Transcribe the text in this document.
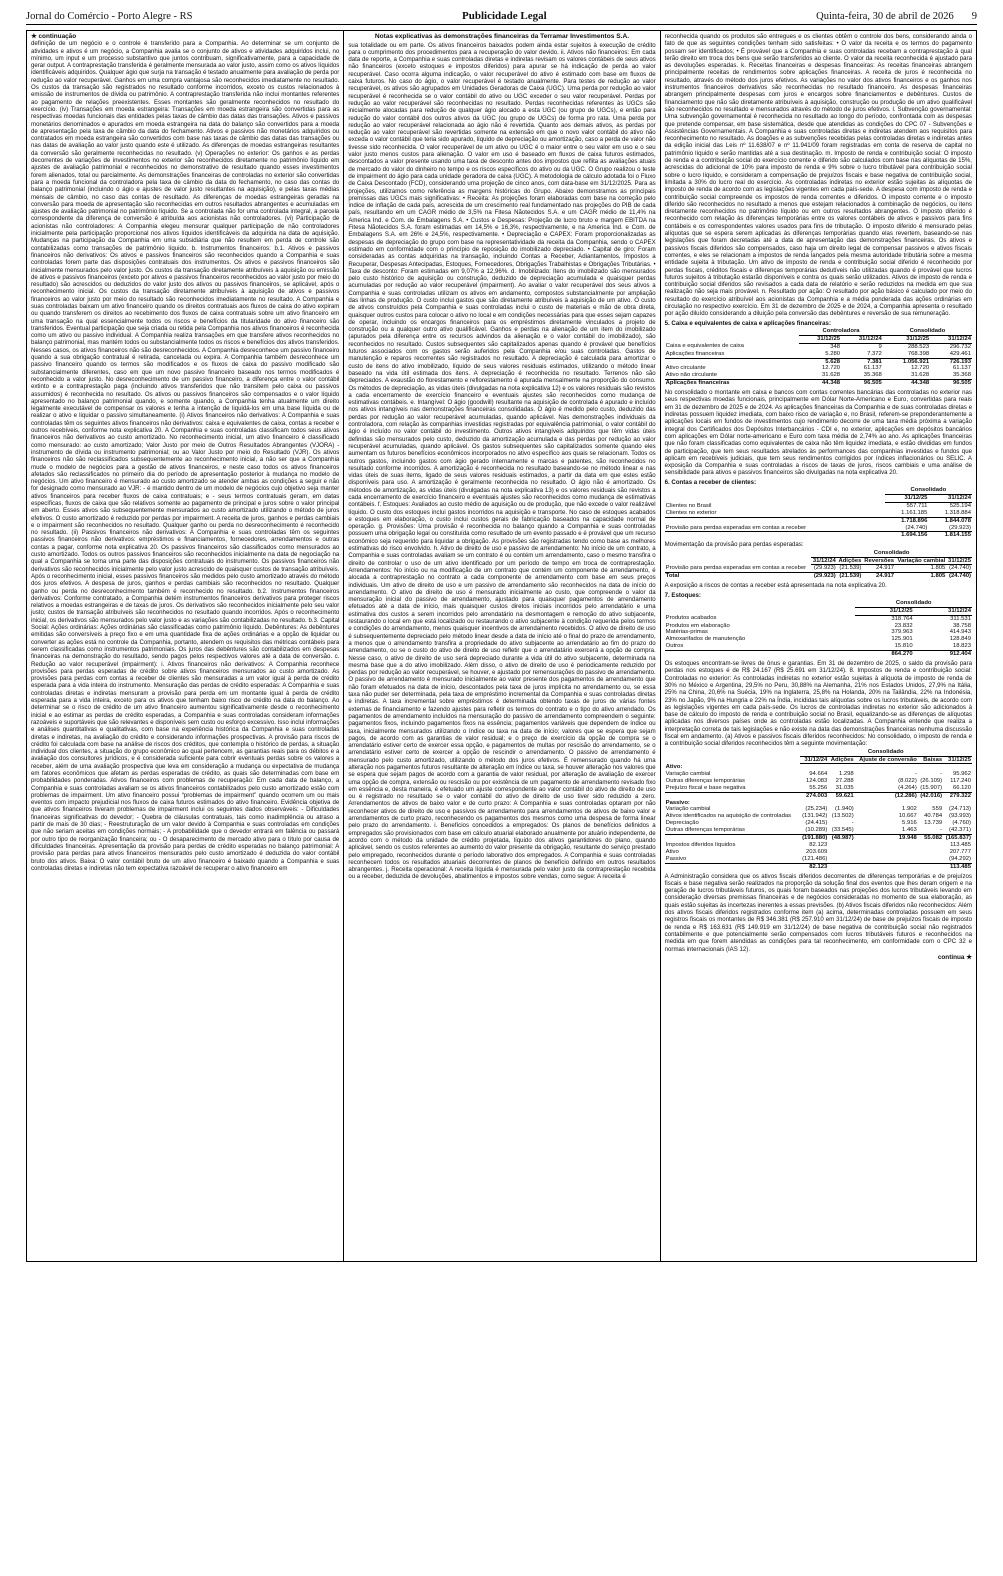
Jornal do Comércio - Porto Alegre - RS	Publicidade Legal	Quinta-feira, 30 de abril de 2026 9

★ continuação

definição de um negócio e o controle é transferido para a Companhia. Ao determinar se um conjunto de atividades e ativos é um negócio, a Companhia avalia se o conjunto de ativos e atividades adquiridos inclui, no mínimo, um input e um processo substantivo que juntos contribuam, significativamente, para a capacidade de gerar output. A contraprestação transferida é geralmente mensurada ao valor justo, assim como os ativos líquidos identificáveis adquiridos. Qualquer ágio que surja na transação é testado anualmente para avaliação de perda por redução ao valor recuperável. Ganhos em uma compra vantajosa são reconhecidos imediatamente no resultado. Os custos da transação são registrados no resultado conforme incorridos, exceto os custos relacionados à emissão de instrumentos de dívida ou patrimônio. A contraprestação transferida não inclui montantes referentes ao pagamento de relações preexistentes. Esses montantes são geralmente reconhecidos no resultado do exercício. (iv) Transações em moeda estrangeira: Transações em moeda estrangeira são convertidas para as respectivas moedas funcionais das entidades pelas taxas de câmbio das datas das transações. Ativos e passivos monetários denominados e apurados em moeda estrangeira na data do balanço são convertidos para a moeda de apresentação pela taxa de câmbio da data do fechamento. Ativos e passivos não monetários adquiridos ou contratados em moeda estrangeira são convertidos com base nas taxas de câmbio das datas das transações ou nas datas de avaliação ao valor justo quando este é utilizado. As diferenças de moedas estrangeiras resultantes da conversão são geralmente reconhecidas no resultado. (v) Operações no exterior: Os ganhos e as perdas decorrentes de variações de investimentos no exterior são reconhecidos diretamente no patrimônio líquido em ajustes de avaliação patrimonial e reconhecidos no demonstrativo de resultado quando esses investimentos forem alienados, total ou parcialmente. As demonstrações financeiras de controladas no exterior são convertidas para a moeda funcional da controladora pela taxa de câmbio da data do fechamento, no caso das contas do balanço patrimonial (incluindo o ágio e ajustes de valor justo resultantes na aquisição), e pelas taxas médias mensais de câmbio, no caso das contas de resultado. As diferenças de moedas estrangeiras geradas na conversão para moeda de apresentação são reconhecidas em outros resultados abrangentes e acumuladas em ajustes de avaliação patrimonial no patrimônio líquido. Se a controlada não for uma controlada integral, a parcela correspondente da diferença de conversão é atribuída aos acionistas não controladores. (vi) Participação de acionistas não controladores: A Companhia elegeu mensurar qualquer participação de não controladores inicialmente pela participação proporcional nos ativos líquidos identificáveis da adquirida na data de aquisição. Mudanças na participação da Companhia em uma subsidiária que não resultem em perda de controle são contabilizadas como transações de patrimônio líquido. b. Instrumentos financeiros: b.1. Ativos e passivos financeiros não derivativos: Os ativos e passivos financeiros são reconhecidos quando a Companhia e suas controladas forem parte das disposições contratuais dos instrumentos. Os ativos e passivos financeiros são inicialmente mensurados pelo valor justo. Os custos da transação diretamente atribuíveis à aquisição ou emissão de ativos e passivos financeiros (exceto por ativos e passivos financeiros reconhecidos ao valor justo por meio do resultado) são acrescidos ou deduzidos do valor justo dos ativos ou passivos financeiros, se aplicável, após o reconhecimento inicial. Os custos da transação diretamente atribuíveis à aquisição de ativos e passivos financeiros ao valor justo por meio do resultado são reconhecidos imediatamente no resultado. A Companhia e suas controladas baixam um ativo financeiro quando os direitos contratuais aos fluxos de caixa do ativo expiram ou quando transferem os direitos ao recebimento dos fluxos de caixa contratuais sobre um ativo financeiro em uma transação na qual essencialmente todos os riscos e benefícios da titularidade do ativo financeiro são transferidos. Eventual participação que seja criada ou retida pela Companhia nos ativos financeiros é reconhecida como um ativo ou passivo individual. A Companhia realiza transações em que transfere ativos reconhecidos no balanço patrimonial, mas mantém todos ou substancialmente todos os riscos e benefícios dos ativos transferidos. Nesses casos, os ativos financeiros não são desreconhecidos. A Companhia desreconhece um passivo financeiro quando a sua obrigação contratual é retirada, cancelada ou expira. A Companhia também desreconhece um passivo financeiro quando os termos são modificados e os fluxos de caixa do passivo modificado são substancialmente diferentes, caso em que um novo passivo financeiro baseado nos termos modificados é reconhecido a valor justo. No desreconhecimento de um passivo financeiro, a diferença entre o valor contábil extinto e a contraprestação paga (incluindo ativos transferidos que não transitem pelo caixa ou passivos assumidos) é reconhecida no resultado. Os ativos ou passivos financeiros são compensados e o valor líquido apresentado no balanço patrimonial quando, e somente quando, a Companhia tenha atualmente um direito legalmente executável de compensar os valores e tenha a intenção de liquidá-los em uma base líquida ou de realizar o ativo e liquidar o passivo simultaneamente. (i) Ativos financeiros não derivativos: A Companhia e suas controladas têm os seguintes ativos financeiros não derivativos: caixa e equivalentes de caixa, contas a receber e outros recebíveis, conforme nota explicativa 20. A Companhia e suas controladas classificam todos seus ativos financeiros não derivativos ao custo amortizado. No reconhecimento inicial, um ativo financeiro é classificado como mensurado: ao custo amortizado; Valor Justo por meio de Outros Resultados Abrangentes (VJORA) - instrumento de dívida ou instrumento patrimonial; ou ao Valor Justo por meio do Resultado (VJR). Os ativos financeiros não são reclassificados subsequentemente ao reconhecimento inicial, a não ser que a Companhia mude o modelo de negócios para a gestão de ativos financeiros, e neste caso todos os ativos financeiros afetados são reclassificados no primeiro dia do período de apresentação posterior à mudança no modelo de negócios. Um ativo financeiro é mensurado ao custo amortizado se atender ambas as condições a seguir e não for designado como mensurado ao VJR: - é mantido dentro de um modelo de negócios cujo objetivo seja manter ativos financeiros para receber fluxos de caixa contratuais; e - seus termos contratuais geram, em datas específicas, fluxos de caixa que são relativos somente ao pagamento de principal e juros sobre o valor principal em aberto. Esses ativos são subsequentemente mensurados ao custo amortizado utilizando o método de juros efetivos. O custo amortizado é reduzido por perdas por impairment. A receita de juros, ganhos e perdas cambiais e o impairment são reconhecidos no resultado. Qualquer ganho ou perda no desreconhecimento é reconhecido no resultado. (ii) Passivos financeiros não derivativos: A Companhia e suas controladas têm os seguintes passivos financeiros não derivativos: empréstimos e financiamentos, fornecedores, arrendamentos e outras contas a pagar, conforme nota explicativa 20. Os passivos financeiros são classificados como mensurados ao custo amortizado. Todos os outros passivos financeiros são reconhecidos inicialmente na data de negociação na qual a Companhia se torna uma parte das disposições contratuais do instrumento. Os passivos financeiros não derivativos são reconhecidos inicialmente pelo valor justo acrescido de quaisquer custos de transação atribuíveis. Após o reconhecimento inicial, esses passivos financeiros são medidos pelo custo amortizado através do método dos juros efetivos. A despesa de juros, ganhos e perdas cambiais são reconhecidos no resultado. Qualquer ganho ou perda no desreconhecimento também é reconhecido no resultado. b.2. Instrumentos financeiros derivativos: Conforme contratado, a Companhia detém instrumentos financeiros derivativos para proteger riscos relativos a moedas estrangeiras e de taxas de juros. Os derivativos são reconhecidos inicialmente pelo seu valor justo; custos de transação atribuíveis são reconhecidos no resultado quando incorridos. Após o reconhecimento inicial, os derivativos são mensurados pelo valor justo e as variações são contabilizadas no resultado. b.3. Capital Social: Ações ordinárias: Ações ordinárias são classificadas como patrimônio líquido. Debêntures: As debêntures emitidas são conversíveis a preço fixo e em uma quantidade fixa de ações ordinárias e a opção de liquidar ou converter as ações está no controle da Companhia, portanto, atendem os requisitos das métricas contábeis para serem classificadas como instrumentos patrimoniais. Os juros das debêntures são contabilizados em despesas financeiras na demonstração do resultado, sendo pagos pelos respectivos valores até a data de conversão. c. Redução ao valor recuperável (impairment): i. Ativos financeiros não derivativos: A Companhia reconhece provisões para perdas esperadas de crédito sobre ativos financeiros mensurados ao custo amortizado. As provisões para perdas com contas a receber de clientes são mensuradas a um valor igual à perda de crédito esperada para a vida inteira do instrumento. Mensuração das perdas de crédito esperadas: A Companhia e suas controladas diretas e indiretas mensuram a provisão para perda em um montante igual à perda de crédito esperada para a vida inteira, exceto para os ativos que tenham baixo risco de crédito na data do balanço. Ao determinar se o risco de crédito de um ativo financeiro aumentou significativamente desde o reconhecimento inicial e ao estimar as perdas de crédito esperadas, a Companhia e suas controladas consideram informações razoáveis e suportáveis que são relevantes e disponíveis sem custo ou esforço excessivo. Isso inclui informações e análises quantitativas e qualitativas, com base na experiência histórica da Companhia e suas controladas diretas e indiretas, na avaliação do crédito e considerando informações prospectivas. A provisão para riscos de crédito foi calculada com base na análise de riscos dos créditos, que contempla o histórico de perdas, a situação individual dos clientes, a situação do grupo econômico ao qual pertencem, as garantias reais para os débitos e a avaliação dos consultores jurídicos, e é considerada suficiente para cobrir eventuais perdas sobre os valores a receber, além de uma avaliação prospectiva que leva em consideração a mudança ou expectativa de mudança em fatores econômicos que afetam as perdas esperadas de crédito, as quais são determinadas com base em probabilidades ponderadas. Ativos financeiros com problemas de recuperação: Em cada data de balanço, a Companhia e suas controladas avaliam se os ativos financeiros contabilizados pelo custo amortizado estão com problemas de impairment. Um ativo financeiro possui “problemas de impairment” quando ocorrem um ou mais eventos com impacto prejudicial nos fluxos de caixa futuros estimados do ativo financeiro. Evidência objetiva de que ativos financeiros tiveram problemas de impairment inclui os seguintes dados observáveis: - Dificuldades financeiras significativas do devedor; - Quebra de cláusulas contratuais, tais como inadimplência ou atraso a partir de mais de 30 dias; - Reestruturação de um valor devido à Companhia e suas controladas em condições que não seriam aceitas em condições normais; - A probabilidade que o devedor entrará em falência ou passará por outro tipo de reorganização financeira; ou - O desaparecimento de mercado ativo para o título por causa de dificuldades financeiras. Apresentação da provisão para perdas de crédito esperadas no balanço patrimonial: A provisão para perdas para ativos financeiros mensurados pelo custo amortizado é deduzida do valor contábil bruto dos ativos. Baixa: O valor contábil bruto de um ativo financeiro é baixado quando a Companhia e suas controladas diretas e indiretas não tem expectativa razoável de recuperar o ativo financeiro em

Notas explicativas às demonstrações financeiras da Terramar Investimentos S.A.

sua totalidade ou em parte. Os ativos financeiros baixados podem ainda estar sujeitos à execução de crédito para o cumprimento dos procedimentos para a recuperação do valor devido. ii. Ativos não financeiros: Em cada data de reporte, a Companhia e suas controladas diretas e indiretas revisam os valores contábeis de seus ativos não financeiros (exceto estoques e impostos diferidos) para apurar se há indicação de perda ao valor recuperável. Caso ocorra alguma indicação, o valor recuperável do ativo é estimado com base em fluxos de caixa futuros. No caso do ágio, o valor recuperável é testado anualmente. Para testes de redução ao valor recuperável, os ativos são agrupados em Unidades Geradoras de Caixa (UGC). Uma perda por redução ao valor recuperável é reconhecida se o valor contábil do ativo ou UGC exceder o seu valor recuperável. Perdas por redução ao valor recuperável são reconhecidas no resultado. Perdas reconhecidas referentes às UGCs são inicialmente alocadas para redução de qualquer ágio alocado a esta UGC (ou grupo de UGCs), e então para redução do valor contábil dos outros ativos da UGC (ou grupo de UGCs) de forma pro rata. Uma perda por redução ao valor recuperável relacionada ao ágio não é revertida. Quanto aos demais ativos, as perdas por redução ao valor recuperável são revertidas somente na extensão em que o novo valor contábil do ativo não exceda o valor contábil que teria sido apurado, líquido de depreciação ou amortização, caso a perda de valor não tivesse sido reconhecida. O valor recuperável de um ativo ou UGC é o maior entre o seu valor em uso e o seu valor justo menos custos para alienação. O valor em uso é baseado em fluxos de caixa futuros estimados, descontados a valor presente usando uma taxa de desconto antes dos impostos que reflita as avaliações atuais de mercado do valor do dinheiro no tempo e os riscos específicos do ativo ou da UGC. O Grupo realizou o teste de impairment do ágio para cada unidade geradora de caixa (UGC). A metodologia de cálculo adotada foi o Fluxo de Caixa Descontado (FCD), considerando uma projeção de cinco anos, com data-base em 31/12/2025. Para as projeções, utilizamos como referência as margens históricas do Grupo. Abaixo demonstramos as principais premissas das UGCs mais significativas: • Receita: As projeções foram elaboradas com base na correção pelo índice de inflação de cada país, acrescida de um crescimento real fundamentado nas projeções do PIB de cada país, resultando em um CAGR médio de 3,5% na Fitesa Nãotecidos S.A. e um CAGR médio de 11,4% na America Ind. e Com. de Embalagens S.A. • Custos e Despesas: Projeção de lucro bruto e margem EBITDA na Fitesa Nãotecidos S.A. foram estimadas em 14,5% e 16,3%, respectivamente, e na America Ind. e Com. de Embalagens S.A. em 26% e 24,5%, respectivamente. • Depreciação e CAPEX: Foram proporcionalizadas as despesas de depreciação do grupo com base na representatividade da receita da Companhia, sendo o CAPEX estimado em conformidade com o princípio de reposição do imobilizado depreciado. • Capital de giro: Foram consideradas as contas adquiridas na transação, incluindo Contas a Receber, Adiantamentos, Impostos a Recuperar, Despesas Antecipadas, Estoques, Fornecedores, Obrigações Trabalhistas e Obrigações Tributárias. • Taxa de desconto: Foram estimadas em 9,07% a 12,96%. d. Imobilizado: Itens do imobilizado são mensurados pelo custo histórico de aquisição ou construção, deduzido de depreciação acumulada e quaisquer perdas acumuladas por redução ao valor recuperável (impairment). Ao avaliar o valor recuperável dos seus ativos a Companhia e suas controladas utilizam os ativos em andamento, compostos substancialmente por ampliação das linhas de produção. O custo inclui gastos que são diretamente atribuíveis à aquisição de um ativo. O custo de ativos construídos pela Companhia e suas controladas inclui o custo de materiais e mão de obra direta, quaisquer outros custos para colocar o ativo no local e em condições necessárias para que esses sejam capazes de operar, incluindo os encargos financeiros para os empréstimos diretamente vinculados a projeto de construção ou a qualquer outro ativo qualificável. Ganhos e perdas na alienação de um item do imobilizado (apurados pela diferença entre os recursos advindos da alienação e o valor contábil do imobilizado), são reconhecidos no resultado. Custos subsequentes são capitalizados apenas quando é provável que benefícios futuros associados com os gastos serão auferidos pela Companhia e/ou suas controladas. Gastos de manutenção e reparos recorrentes são registrados no resultado. A depreciação é calculada para amortizar o custo de itens do ativo imobilizado, líquido de seus valores residuais estimados, utilizando o método linear baseado na vida útil estimada dos itens. A depreciação é reconhecida no resultado. Terrenos não são depreciados. A exaustão do florestamento e reflorestamento é apurada mensalmente na proporção do consumo. Os métodos de depreciação, as vidas úteis (divulgadas na nota explicativa 12) e os valores residuais são revistos a cada encerramento de exercício financeiro e eventuais ajustes são reconhecidos como mudança de estimativas contábeis. e. Intangível: O ágio (goodwill) resultante na aquisição de controlada é apurado e incluído nos ativos intangíveis nas demonstrações financeiras consolidadas. O ágio é medido pelo custo, deduzido das perdas por redução ao valor recuperável acumuladas, quando aplicável. Nas demonstrações individuais da controladora, com relação às companhias investidas registradas por equivalência patrimonial, o valor contábil do ágio é incluído no valor contábil do investimento. Outros ativos intangíveis adquiridos que têm vidas úteis definidas são mensurados pelo custo, deduzido da amortização acumulada e das perdas por redução ao valor recuperável acumuladas, quando aplicável. Os gastos subsequentes são capitalizados somente quando eles aumentam os futuros benefícios econômicos incorporados no ativo específico aos quais se relacionam. Todos os outros gastos, incluindo gastos com ágio gerado internamente e marcas e patentes, são reconhecidos no resultado conforme incorridos. A amortização é reconhecida no resultado baseando-se no método linear e nas vidas úteis de suas items, ligado de seus valores residuais estimados, a partir da data em que estes estão disponíveis para uso. A amortização é geralmente reconhecida no resultado. O ágio não é amortizado. Os métodos de amortização, as vidas úteis (divulgadas na nota explicativa 13) e os valores residuais são revistos a cada encerramento de exercício financeiro e eventuais ajustes são reconhecidos como mudança de estimativas contábeis. f. Estoques: Avaliados ao custo médio de aquisição ou de produção, que não excede o valor realizável líquido. O custo dos estoques inclui gastos incorridos na aquisição e transporte. No caso de estoques acabados e estoques em elaboração, o custo inclui custos gerais de fabricação baseados na capacidade normal de operação. g. Provisões: Uma provisão é reconhecida no balanço quando a Companhia e suas controladas possuem uma obrigação legal ou constituída como resultado de um evento passado e é provável que um recurso econômico seja requerido para liquidar a obrigação. As provisões são registradas tendo como base as melhores estimativas do risco envolvido. h. Ativo de direito de uso e passivo de arrendamento: No início de um contrato, a Companhia e suas controladas avaliam se um contrato é ou contém um arrendamento, caso o mesmo transfira o direito de controlar o uso de um ativo identificado por um período de tempo em troca de contraprestação. Arrendamentos: No início ou na modificação de um contrato que contém um componente de arrendamento, é alocada a contraprestação no contrato a cada componente de arrendamento com base em seus preços individuais. Um ativo de direito de uso e um passivo de arrendamento são reconhecidos na data de início do arrendamento. O ativo de direito de uso é mensurado inicialmente ao custo, que compreende o valor da mensuração inicial do passivo de arrendamento, ajustado para quaisquer pagamentos de arrendamento efetuados até a data de início, mais quaisquer custos diretos iniciais incorridos pelo arrendatário e uma estimativa dos custos a serem incorridos pelo arrendatário na desmontagem e remoção do ativo subjacente, restaurando o local em que está localizado ou restaurando o ativo subjacente à condição requerida pelos termos e condições do arrendamento, menos quaisquer incentivos de arrendamento recebidos. O ativo de direito de uso é subsequentemente depreciado pelo método linear desde a data de início até o final do prazo de arrendamento, a menos que o arrendamento transfira a propriedade do ativo subjacente ao arrendatário ao fim do prazo do arrendamento, ou se o custo do ativo de direito de uso refletir que o arrendatário exercerá a opção de compra. Nesse caso, o ativo de direito de uso será depreciado durante a vida útil do ativo subjacente, determinada na mesma base que a do ativo imobilizado. Além disso, o ativo de direito de uso é periodicamente reduzido por perdas por redução ao valor recuperável, se houver, e ajustado por remensurações do passivo de arrendamento. O passivo de arrendamento é mensurado inicialmente ao valor presente dos pagamentos de arrendamento que não foram efetuados na data de início, descontados pela taxa de juros implícita no arrendamento ou, se essa taxa não puder ser determinada, pela taxa de empréstimo incremental da Companhia e suas controladas diretas e indiretas. A taxa incremental sobre empréstimos é determinada obtendo taxas de juros de várias fontes externas de financiamento e fazendo ajustes para refletir os termos do contrato e o tipo do ativo arrendado. Os pagamentos de arrendamento incluídos na mensuração do passivo de arrendamento compreendem o seguinte: pagamentos fixos, incluindo pagamentos fixos na essência; pagamentos variáveis que dependem de índice ou taxa, inicialmente mensurados utilizando o índice ou taxa na data de início; valores que se espera que sejam pagos, de acordo com as garantias de valor residual; e o preço de exercício da opção de compra se o arrendatário estiver certo de exercer essa opção, e pagamentos de multas por rescisão do arrendamento, se o arrendatário estiver certo de exercer a opção de rescindir o arrendamento. O passivo de arrendamento é mensurado pelo custo amortizado, utilizando o método dos juros efetivos. É remensurado quando há uma alteração nos pagamentos futuros resultante de alteração em índice ou taxa, se houver alteração nos valores que se espera que sejam pagos de acordo com a garantia de valor residual, por alteração de avaliação de exercer uma opção de compra, extensão ou rescisão ou por existência de um pagamento de arrendamento revisado fixo em essência e, desta maneira, é efetuado um ajuste correspondente ao valor contábil do ativo de direito de uso ou é registrado no resultado se o valor contábil do ativo de direito de uso tiver sido reduzido a zero. Arrendamentos de ativos de baixo valor e de curto prazo: A Companhia e suas controladas optaram por não reconhecer ativos de direito de uso e passivos de arrendamento para arrendamentos de ativos de baixo valor e arrendamentos de curto prazo, reconhecendo os pagamentos dos mesmos como uma despesa de forma linear pelo prazo do arrendamento. i. Benefícios concedidos a empregados: Os planos de benefícios definidos a empregados são provisionados com base em cálculo atuarial elaborado anualmente por atuário independente, de acordo com o método da unidade de crédito projetada, líquido dos ativos garantidores do plano, quando aplicável, sendo os custos referentes ao aumento do valor presente da obrigação, resultante do serviço prestado pelo empregado, reconhecidos durante o período laborativo dos empregados. A Companhia e suas controladas reconhecem todos os resultados atuariais decorrentes de planos de benefício definido em outros resultados abrangentes. j. Receita operacional: A receita líquida é mensurada pelo valor justo da contraprestação recebida ou a receber, deduzida de devoluções, abatimentos e impostos sobre vendas, como segue: A receita é

reconhecida quando os produtos são entregues e os clientes obtêm o controle dos bens, considerando ainda o fato de que as seguintes condições tenham sido satisfeitas: • O valor da receita e os termos do pagamento possam ser identificados; • É provável que a Companhia e suas controladas recebam a contraprestação à qual terão direito em troca dos bens que serão transferidos ao cliente. O valor da receita reconhecida é ajustado para as devoluções esperadas. k. Receitas financeiras e despesas financeiras: As receitas financeiras abrangem principalmente receitas de rendimentos sobre aplicações financeiras. A receita de juros é reconhecida no resultado, através do método dos juros efetivos. As variações no valor dos ativos financeiros e os ganhos nos instrumentos financeiros derivativos são reconhecidas no resultado financeiro. As despesas financeiras abrangem principalmente despesas com juros e encargos sobre financiamentos e debêntures. Custos de financiamento que não são diretamente atribuíveis à aquisição, construção ou produção de um ativo qualificável são reconhecidos no resultado e mensurados através do método de juros efetivos. l. Subvenção governamental: Uma subvenção governamental é reconhecida no resultado ao longo do período, confrontada com as despesas que pretende compensar, em base sistemática, desde que atendidas as condições do CPC 07 - Subvenções e Assistências Governamentais. A Companhia e suas controladas diretas e indiretas atendem aos requisitos para reconhecimento no resultado. As doações e as subvenções recebidas pelas controladas diretas e indiretas antes da edição inicial das Leis nº 11.638/07 e nº 11.941/09 foram registradas em conta de reserva de capital no patrimônio líquido e serão mantidas até a sua destinação. m. Imposto de renda e contribuição social: O imposto de renda e a contribuição social do exercício corrente e diferido são calculados com base nas alíquotas de 15%, acrescidas do adicional de 10% para imposto de renda e 9% sobre o lucro tributável para contribuição social sobre o lucro líquido, e consideram a compensação de prejuízos fiscais e base negativa de contribuição social, limitada a 30% do lucro real do exercício. As controladas indiretas no exterior estão sujeitas às alíquotas de imposto de renda de acordo com as legislações vigentes em cada país-sede. A despesa com imposto de renda e contribuição social compreende os impostos de renda correntes e diferidos. O imposto corrente e o imposto diferido são reconhecidos no resultado a menos que estejam relacionados à combinação de negócios, ou itens diretamente reconhecidos no patrimônio líquido ou em outros resultados abrangentes. O imposto diferido é reconhecido com relação às diferenças temporárias entre os valores contábeis de ativos e passivos para fins contábeis e os correspondentes valores usados para fins de tributação. O imposto diferido é mensurado pelas alíquotas que se espera serem aplicadas às diferenças temporárias quando elas revertem, baseando-se nas legislações que foram decretadas até a data de apresentação das demonstrações financeiras. Os ativos e passivos fiscais diferidos são compensados, caso haja um direito legal de compensar passivos e ativos fiscais correntes, e eles se relacionam a impostos de renda lançados pela mesma autoridade tributária sobre a mesma entidade sujeita à tributação. Um ativo de imposto de renda e contribuição social diferido é reconhecido por perdas fiscais, créditos fiscais e diferenças temporárias dedutíveis não utilizadas quando é provável que lucros futuros sujeitos à tributação estarão disponíveis e contra os quais serão utilizados. Ativos de imposto de renda e contribuição social diferidos são revisados a cada data de relatório e serão reduzidos na medida em que sua realização não seja mais provável. n. Resultado por ação: O resultado por ação básico é calculado por meio do resultado do exercício atribuível aos acionistas da Companhia e a média ponderada das ações ordinárias em circulação no respectivo exercício. Em 31 de dezembro de 2025 e de 2024, a Companhia apresenta o resultado por ação diluído considerando a diluição pela conversão das debêntures e reversão de sua remuneração.

5. Caixa e equivalentes de caixa e aplicações financeiras:
	Controladora		Consolidado	
	31/12/25	31/12/24	31/12/25	31/12/24
Caixa e equivalentes de caixa	348	9	288.523	296.732
Aplicações financeiras	5.280	7.372	768.398	429.461
	5.628	7.381	1.056.921	726.193
Ativo circulante	12.720	61.137	12.720	61.137
Ativo não circulante	31.628	35.368	31.628	35.368
Aplicações financeiras	44.348	96.505	44.348	96.505

No consolidado o montante em caixa e bancos com contas correntes bancárias das controladas no exterior nas seus respectivas moedas funcionais, principalmente em Dólar Norte-Americano e Euro, convertidas para reais em 31 de dezembro de 2025 e de 2024. As aplicações financeiras da Companhia e de suas controladas diretas e indiretas possuem liquidez imediata, com baixo risco de variação e, no Brasil, referem-se preponderantemente a aplicações locais em fundos de investimentos cujo rendimento decorre de uma taxa média próxima a variação integral dos Certificados dos Depósitos Interbancários - CDI e, no exterior, aplicações em depósitos bancários com aplicações em Dólar norte-americano e Euro com taxa média de 2,74% ao ano. As aplicações financeiras que não foram classificadas como equivalentes de caixa não têm liquidez imediata, e estão divididas em fundos de participação, que tem seus resultados atrelados às performances das companhias investidas e fundos que aplicam em recebíveis judiciais, que tem seus rendimentos corrigidos por índices inflacionários ou SELIC. A exposição da Companhia e suas controladas a riscos de taxas de juros, riscos cambiais e uma análise de sensibilidade para ativos e passivos financeiros são divulgadas na nota explicativa 20.

6. Contas a receber de clientes:
	Consolidado	
	31/12/25	31/12/24
Clientes no Brasil	557.711	525.194
Clientes no exterior	1.161.185	1.318.884
	1.718.896	1.844.078
Provisão para perdas esperadas em contas a receber	(24.740)	(29.923)
	1.694.156	1.814.155
Movimentação da provisão para perdas esperadas:
	Consolidado				
	31/12/24	Adições	Reversões	Variação cambial	31/12/25
Provisão para perdas esperadas em contas a receber	(29.923)	(21.539)	24.917	1.805	(24.740)
Total	(29.923)	(21.539)	24.917	1.805	(24.740)

A exposição a riscos de contas a receber está apresentada na nota explicativa 20.

7. Estoques:
	Consolidado	
	31/12/25	31/12/24
Produtos acabados	318.764	311.531
Produtos em elaboração	23.832	38.758
Matérias-primas	379.963	414.943
Almoxarifados de manutenção	125.901	128.849
Outros	15.810	18.823
	864.270	912.404

Os estoques encontram-se livres de ônus e garantias. Em 31 de dezembro de 2025, o saldo da provisão para perdas nos estoques é de R$ 24.167 (R$ 25.691 em 31/12/24). 8. Impostos de renda e contribuição social: Controladas no exterior: As controladas indiretas no exterior estão sujeitas à alíquota de imposto de renda de 30% no México e Argentina, 29,5% no Peru, 30,88% na Alemanha, 21% nos Estados Unidos, 27,9% na Itália, 25% na China, 20,6% na Suécia, 19% na Inglaterra, 25,8% na Holanda, 20% na Tailândia, 22% na Indonésia, 23% no Japão, 9% na Hungria e 22% na Índia, incididas tais alíquotas sobre os lucros tributáveis, de acordo com as legislações vigentes em cada país-sede. Os lucros de controladas indiretas no exterior são adicionados à base de cálculo do imposto de renda e contribuição social no Brasil, equalizando-se as diferenças de alíquotas aplicadas nos diversos países onde as controladas estão localizadas. A Companhia entende que realiza a interpretação correta de tais legislações e não existe na data das demonstrações financeiras nenhuma discussão fiscal em andamento. (a) Ativos e passivos fiscais diferidos reconhecidos: No consolidado, o imposto de renda e a contribuição social diferidos reconhecidos têm a seguinte movimentação:

	Consolidado				
	31/12/24	Adições	Ajuste de conversão	Baixas	31/12/25
Ativo:					
Variação cambial	94.664	1.298	-	-	95.962
Outras diferenças temporárias	124.083	27.288	(8.022)	(26.109)	117.240
Prejuízo fiscal e base negativa	55.256	31.035	(4.264)	(15.907)	66.120
	274.003	59.621	(12.286)	(42.016)	279.322
Passivo:					
Variação cambial	(25.234)	(1.940)	1.902	559	(24.713)
Ativos identificados na aquisição de controladas	(131.942)	(13.502)	10.667	40.784	(93.993)
Depreciação	(24.415)	-	5.916	13.739	(4.760)
Outras diferenças temporárias	(10.289)	(33.545)	1.463	-	(42.371)
	(191.880)	(48.987)	19.948	55.082	(165.837)
Impostos diferidos líquidos	82.123				113.485
Ativo	203.609				207.777
Passivo	(121.486)				(94.292)
	82.123				113.485

A Administração considera que os ativos fiscais diferidos decorrentes de diferenças temporárias e de prejuízos fiscais e base negativa serão realizados na proporção da solução final dos eventos que lhes deram origem e na geração de lucros tributáveis futuros, os quais foram baseados nas projeções dos lucros tributáveis levando em consideração diversas premissas financeiras e de negócios consideradas no momento de sua elaboração, as quais estão sujeitas às incertezas inerentes a essas previsões. (b) Ativos fiscais diferidos não reconhecidos: Além dos ativos fiscais diferidos registrados conforme item (a) acima, determinadas controladas possuem em seus registros fiscais os montantes de R$ 346.381 (R$ 257.910 em 31/12/24) de base de prejuízos fiscais de imposto de renda e R$ 163.631 (R$ 149.919 em 31/12/24) de base negativa de contribuição social não registrados contabilmente e que potencialmente serão compensados com lucros tributáveis futuros e reconhecidos na medida em que forem atendidas as condições para tal reconhecimento, em conformidade com o CPC 32 e normas internacionais (IAS 12).

continua ★
